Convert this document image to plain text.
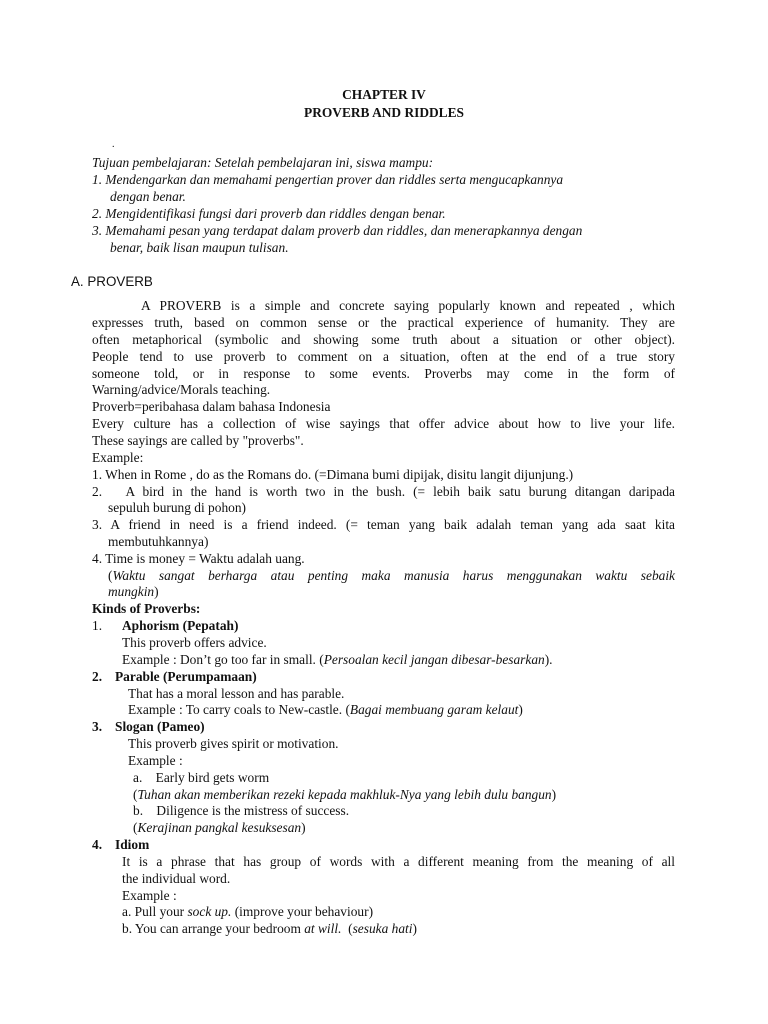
CHAPTER IV
PROVERB AND RIDDLES
.
Tujuan pembelajaran: Setelah pembelajaran ini, siswa mampu:
1. Mendengarkan dan memahami pengertian prover dan riddles serta mengucapkannya
dengan benar.
2. Mengidentifikasi fungsi dari proverb dan riddles dengan benar.
3. Memahami pesan yang terdapat dalam proverb dan riddles, dan menerapkannya dengan
benar, baik lisan maupun tulisan.
A. PROVERB
A PROVERB is a simple and concrete saying popularly known and repeated , which
expresses truth, based on common sense or the practical experience of humanity. They are
often metaphorical (symbolic and showing some truth about a situation or other object).
People tend to use proverb to comment on a situation, often at the end of a true story
someone told, or in response to some events. Proverbs may come in the form of
Warning/advice/Morals teaching.
Proverb=peribahasa dalam bahasa Indonesia
Every culture has a collection of wise sayings that offer advice about how to live your life.
These sayings are called by "proverbs".
Example:
1. When in Rome , do as the Romans do. (=Dimana bumi dipijak, disitu langit dijunjung.)
2.   A bird in the hand is worth two in the bush. (= lebih baik satu burung ditangan daripada
sepuluh burung di pohon)
3. A friend in need is a friend indeed. (= teman yang baik adalah teman yang ada saat kita
membutuhkannya)
4. Time is money = Waktu adalah uang.
( Waktu sangat berharga atau penting maka manusia harus menggunakan waktu sebaik
mungkin)
Kinds of Proverbs:
1. Aphorism (Pepatah)
This proverb offers advice.
Example : Don’t go too far in small. (Persoalan kecil jangan dibesar-besarkan).
2. Parable (Perumpamaan)
That has a moral lesson and has parable.
Example : To carry coals to New-castle. (Bagai membuang garam kelaut)
3. Slogan (Pameo)
This proverb gives spirit or motivation.
Example :
a.    Early bird gets worm
(Tuhan akan memberikan rezeki kepada makhluk-Nya yang lebih dulu bangun)
b.    Diligence is the mistress of success.
(Kerajinan pangkal kesuksesan)
4. Idiom
It is a phrase that has group of words with a different meaning from the meaning of all
the individual word.
Example :
a. Pull your sock up. (improve your behaviour)
b. You can arrange your bedroom at will.  (sesuka hati)
